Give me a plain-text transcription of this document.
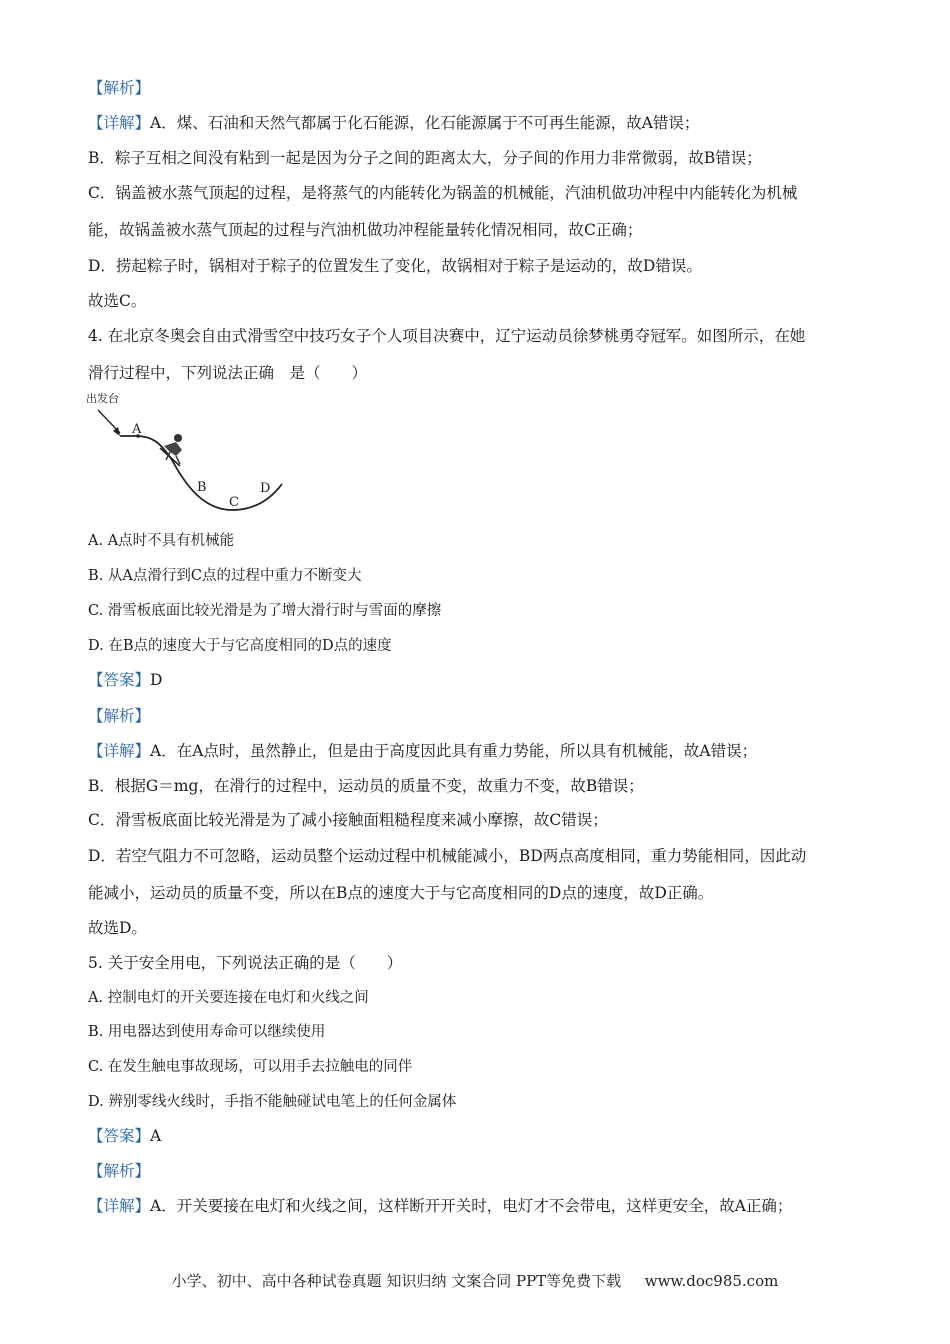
【解析】
【详解】A．煤、石油和天然气都属于化石能源，化石能源属于不可再生能源，故A错误；
B．粽子互相之间没有粘到一起是因为分子之间的距离太大，分子间的作用力非常微弱，故B错误；
C．锅盖被水蒸气顶起的过程，是将蒸气的内能转化为锅盖的机械能，汽油机做功冲程中内能转化为机械
能，故锅盖被水蒸气顶起的过程与汽油机做功冲程能量转化情况相同，故C正确；
D．捞起粽子时，锅相对于粽子的位置发生了变化，故锅相对于粽子是运动的，故D错误。
故选C。
4. 在北京冬奥会自由式滑雪空中技巧女子个人项目决赛中，辽宁运动员徐梦桃勇夺冠军。如图所示，在她
滑行过程中，下列说法正确　是（　　）
出发台
A
B
C
D
A. A点时不具有机械能
B. 从A点滑行到C点的过程中重力不断变大
C. 滑雪板底面比较光滑是为了增大滑行时与雪面的摩擦
D. 在B点的速度大于与它高度相同的D点的速度
【答案】D
【解析】
【详解】A．在A点时，虽然静止，但是由于高度因此具有重力势能，所以具有机械能，故A错误；
B．根据G＝mg，在滑行的过程中，运动员的质量不变，故重力不变，故B错误；
C．滑雪板底面比较光滑是为了减小接触面粗糙程度来减小摩擦，故C错误；
D．若空气阻力不可忽略，运动员整个运动过程中机械能减小，BD两点高度相同，重力势能相同，因此动
能减小，运动员的质量不变，所以在B点的速度大于与它高度相同的D点的速度，故D正确。
故选D。
5. 关于安全用电，下列说法正确的是（　　）
A. 控制电灯的开关要连接在电灯和火线之间
B. 用电器达到使用寿命可以继续使用
C. 在发生触电事故现场，可以用手去拉触电的同伴
D. 辨别零线火线时，手指不能触碰试电笔上的任何金属体
【答案】A
【解析】
【详解】A．开关要接在电灯和火线之间，这样断开开关时，电灯才不会带电，这样更安全，故A正确；
小学、初中、高中各种试卷真题 知识归纳 文案合同 PPT等免费下载 www.doc985.com
